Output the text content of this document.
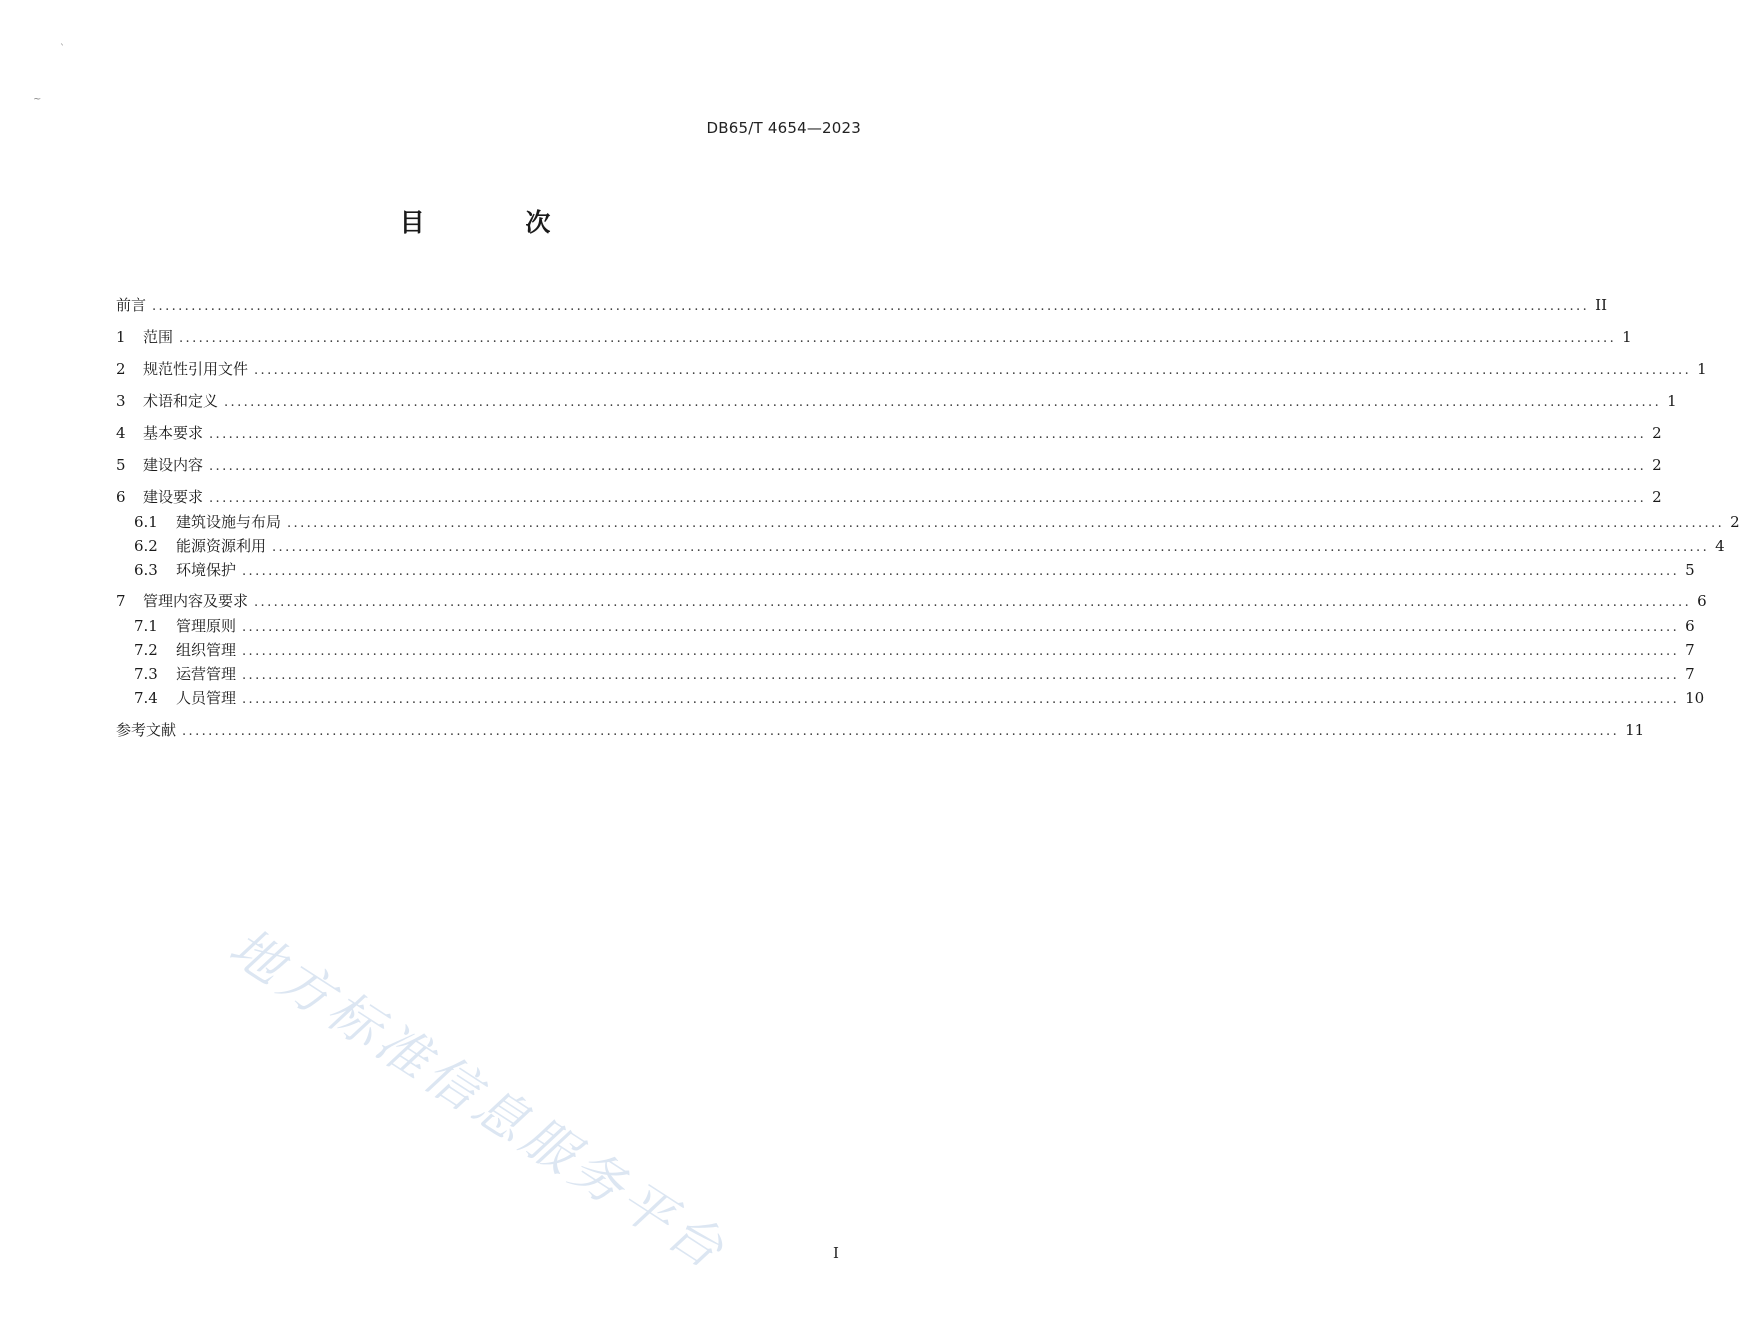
`
~
DB65/T 4654—2023
目 次
前言 ............................................................................................................................................................................................................................ II
1	范围 ............................................................................................................................................................................................................................ 1
2	规范性引用文件 ............................................................................................................................................................................................................................ 1
3	术语和定义 ............................................................................................................................................................................................................................ 1
4	基本要求 ............................................................................................................................................................................................................................ 2
5	建设内容 ............................................................................................................................................................................................................................ 2
6	建设要求 ............................................................................................................................................................................................................................ 2
6.1	建筑设施与布局 ............................................................................................................................................................................................................................ 2
6.2	能源资源利用 ............................................................................................................................................................................................................................ 4
6.3	环境保护 ............................................................................................................................................................................................................................ 5
7	管理内容及要求 ............................................................................................................................................................................................................................ 6
7.1	管理原则 ............................................................................................................................................................................................................................ 6
7.2	组织管理 ............................................................................................................................................................................................................................ 7
7.3	运营管理 ............................................................................................................................................................................................................................ 7
7.4	人员管理 ............................................................................................................................................................................................................................ 10
参考文献 ............................................................................................................................................................................................................................ 11
地方标准信息服务平台	I
